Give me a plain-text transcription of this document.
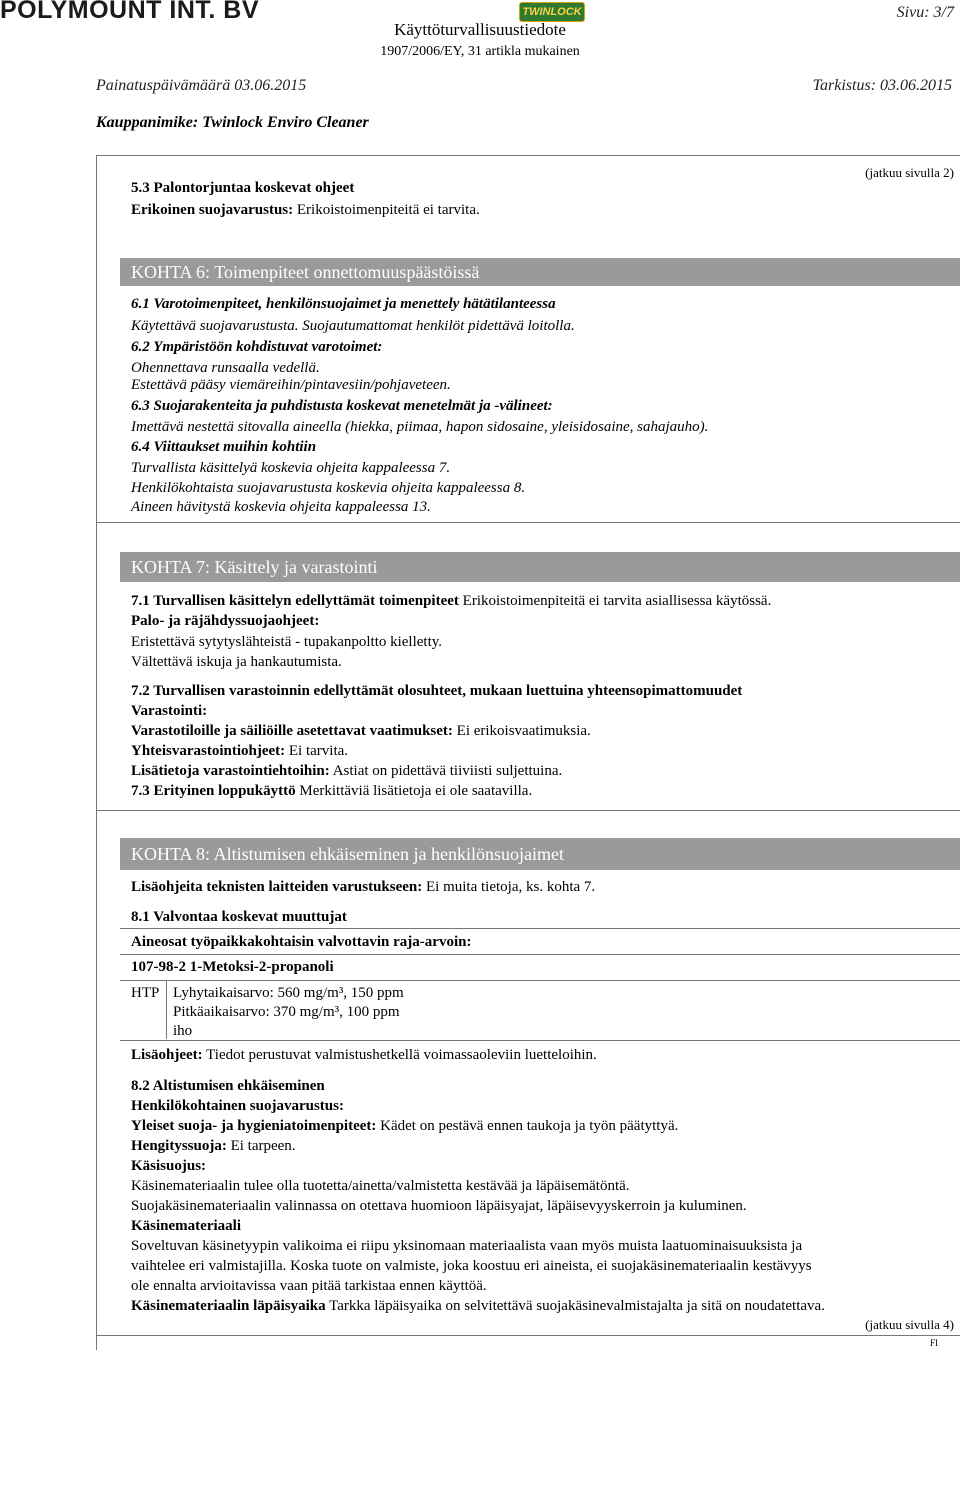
POLYMOUNT INT. BV	TWINLOCK
Käyttöturvallisuustiedote
1907/2006/EY, 31 artikla mukainen
Sivu: 3/7
Painatuspäivämäärä 03.06.2015	Tarkistus: 03.06.2015
Kauppanimike: Twinlock Enviro Cleaner
(jatkuu sivulla 2)
5.3 Palontorjuntaa koskevat ohjeet
Erikoinen suojavarustus: Erikoistoimenpiteitä ei tarvita.
KOHTA 6: Toimenpiteet onnettomuuspäästöissä
6.1 Varotoimenpiteet, henkilönsuojaimet ja menettely hätätilanteessa
Käytettävä suojavarustusta. Suojautumattomat henkilöt pidettävä loitolla.
6.2 Ympäristöön kohdistuvat varotoimet:
Ohennettava runsaalla vedellä.
Estettävä pääsy viemäreihin/pintavesiin/pohjaveteen.
6.3 Suojarakenteita ja puhdistusta koskevat menetelmät ja -välineet:
Imettävä nestettä sitovalla aineella (hiekka, piimaa, hapon sidosaine, yleisidosaine, sahajauho).
6.4 Viittaukset muihin kohtiin
Turvallista käsittelyä koskevia ohjeita kappaleessa 7.
Henkilökohtaista suojavarustusta koskevia ohjeita kappaleessa 8.
Aineen hävitystä koskevia ohjeita kappaleessa 13.
KOHTA 7: Käsittely ja varastointi
7.1 Turvallisen käsittelyn edellyttämät toimenpiteet Erikoistoimenpiteitä ei tarvita asiallisessa käytössä.
Palo- ja räjähdyssuojaohjeet:
Eristettävä sytytyslähteistä - tupakanpoltto kielletty.
Vältettävä iskuja ja hankautumista.
7.2 Turvallisen varastoinnin edellyttämät olosuhteet, mukaan luettuina yhteensopimattomuudet
Varastointi:
Varastotiloille ja säiliöille asetettavat vaatimukset: Ei erikoisvaatimuksia.
Yhteisvarastointiohjeet: Ei tarvita.
Lisätietoja varastointiehtoihin: Astiat on pidettävä tiiviisti suljettuina.
7.3 Erityinen loppukäyttö Merkittäviä lisätietoja ei ole saatavilla.
KOHTA 8: Altistumisen ehkäiseminen ja henkilönsuojaimet
Lisäohjeita teknisten laitteiden varustukseen: Ei muita tietoja, ks. kohta 7.
8.1 Valvontaa koskevat muuttujat
Aineosat työpaikkakohtaisin valvottavin raja-arvoin:
107-98-2 1-Metoksi-2-propanoli
HTP Lyhytaikaisarvo: 560 mg/m³, 150 ppm
Pitkäaikaisarvo: 370 mg/m³, 100 ppm
iho
Lisäohjeet: Tiedot perustuvat valmistushetkellä voimassaoleviin luetteloihin.
8.2 Altistumisen ehkäiseminen
Henkilökohtainen suojavarustus:
Yleiset suoja- ja hygieniatoimenpiteet: Kädet on pestävä ennen taukoja ja työn päätyttyä.
Hengityssuoja: Ei tarpeen.
Käsisuojus:
Käsinemateriaalin tulee olla tuotetta/ainetta/valmistetta kestävää ja läpäisemätöntä.
Suojakäsinemateriaalin valinnassa on otettava huomioon läpäisyajat, läpäisevyyskerroin ja kuluminen.
Käsinemateriaali
Soveltuvan käsinetyypin valikoima ei riipu yksinomaan materiaalista vaan myös muista laatuominaisuuksista ja
vaihtelee eri valmistajilla. Koska tuote on valmiste, joka koostuu eri aineista, ei suojakäsinemateriaalin kestävyys
ole ennalta arvioitavissa vaan pitää tarkistaa ennen käyttöä.
Käsinemateriaalin läpäisyaika Tarkka läpäisyaika on selvitettävä suojakäsinevalmistajalta ja sitä on noudatettava.
(jatkuu sivulla 4)
FI
